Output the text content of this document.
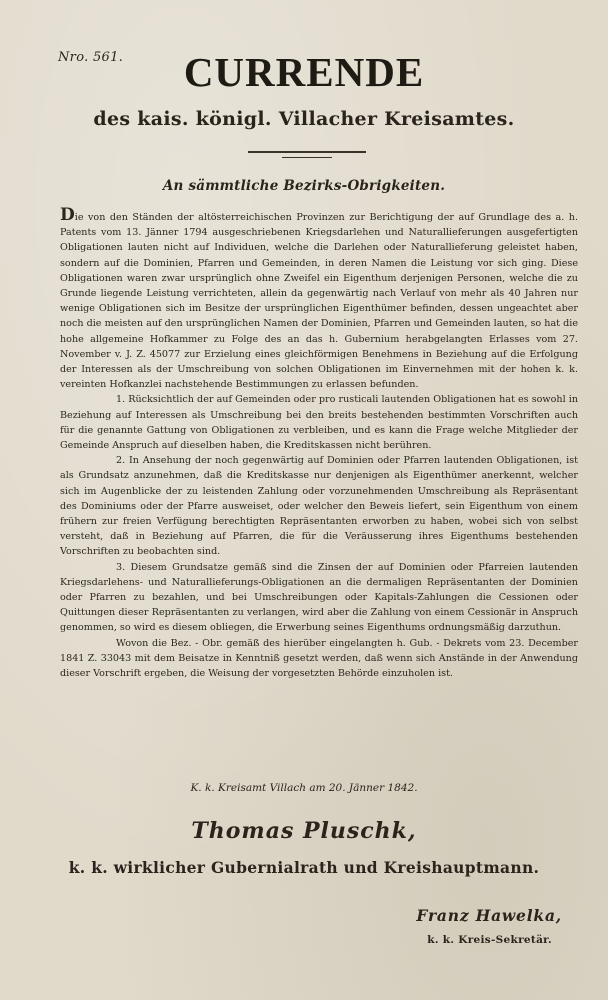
Nro. 561.	CURRENDE
des kais. königl. Villacher Kreisamtes.
An sämmtliche Bezirks-Obrigkeiten.

Die von den Ständen der altösterreichischen Provinzen zur Berichtigung der auf Grundlage des a. h. Patents vom 13. Jänner 1794 ausgeschriebenen Kriegsdarlehen und Naturallieferungen ausgefertigten Obligationen lauten nicht auf Individuen, welche die Darlehen oder Naturallieferung geleistet haben, sondern auf die Dominien, Pfarren und Gemeinden, in deren Namen die Leistung vor sich ging. Diese Obligationen waren zwar ursprünglich ohne Zweifel ein Eigenthum derjenigen Personen, welche die zu Grunde liegende Leistung verrichteten, allein da gegenwärtig nach Verlauf von mehr als 40 Jahren nur wenige Obligationen sich im Besitze der ursprünglichen Eigenthümer befinden, dessen ungeachtet aber noch die meisten auf den ursprünglichen Namen der Dominien, Pfarren und Gemeinden lauten, so hat die hohe allgemeine Hofkammer zu Folge des an das h. Gubernium herabgelangten Erlasses vom 27. November v. J. Z. 45077 zur Erzielung eines gleichförmigen Benehmens in Beziehung auf die Erfolgung der Interessen als der Umschreibung von solchen Obligationen im Einvernehmen mit der hohen k. k. vereinten Hofkanzlei nachstehende Bestimmungen zu erlassen befunden.

1. Rücksichtlich der auf Gemeinden oder pro rusticali lautenden Obligationen hat es sowohl in Beziehung auf Interessen als Umschreibung bei den breits bestehenden bestimmten Vorschriften auch für die genannte Gattung von Obligationen zu verbleiben, und es kann die Frage welche Mitglieder der Gemeinde Anspruch auf dieselben haben, die Kreditskassen nicht berühren.

2. In Ansehung der noch gegenwärtig auf Dominien oder Pfarren lautenden Obligationen, ist als Grundsatz anzunehmen, daß die Kreditskasse nur denjenigen als Eigenthümer anerkennt, welcher sich im Augenblicke der zu leistenden Zahlung oder vorzunehmenden Umschreibung als Repräsentant des Dominiums oder der Pfarre ausweiset, oder welcher den Beweis liefert, sein Eigenthum von einem frühern zur freien Verfügung berechtigten Repräsentanten erworben zu haben, wobei sich von selbst versteht, daß in Beziehung auf Pfarren, die für die Veräusserung ihres Eigenthums bestehenden Vorschriften zu beobachten sind.

3. Diesem Grundsatze gemäß sind die Zinsen der auf Dominien oder Pfarreien lautenden Kriegsdarlehens- und Naturallieferungs-Obligationen an die dermaligen Repräsentanten der Dominien oder Pfarren zu bezahlen, und bei Umschreibungen oder Kapitals-Zahlungen die Cessionen oder Quittungen dieser Repräsentanten zu verlangen, wird aber die Zahlung von einem Cessionär in Anspruch genommen, so wird es diesem obliegen, die Erwerbung seines Eigenthums ordnungsmäßig darzuthun.

Wovon die Bez. - Obr. gemäß des hierüber eingelangten h. Gub. - Dekrets vom 23. December 1841 Z. 33043 mit dem Beisatze in Kenntniß gesetzt werden, daß wenn sich Anstände in der Anwendung dieser Vorschrift ergeben, die Weisung der vorgesetzten Behörde einzuholen ist.

K. k. Kreisamt Villach am 20. Jänner 1842.
Thomas Pluschk,
k. k. wirklicher Gubernialrath und Kreishauptmann.
Franz Hawelka,
k. k. Kreis-Sekretär.
